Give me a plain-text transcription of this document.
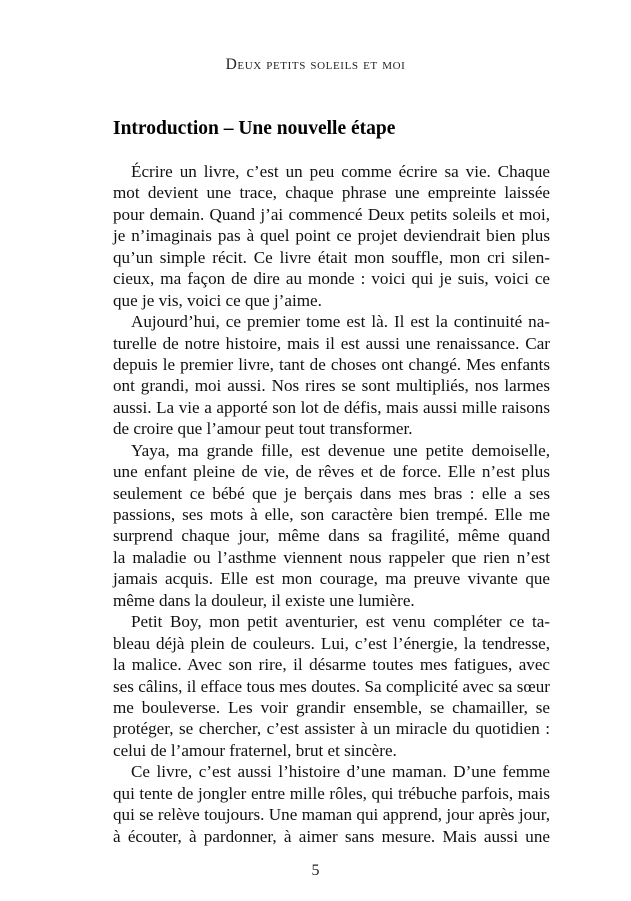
Deux petits soleils et moi
Introduction – Une nouvelle étape
Écrire un livre, c’est un peu comme écrire sa vie. Chaque
mot devient une trace, chaque phrase une empreinte laissée
pour demain. Quand j’ai commencé Deux petits soleils et moi,
je n’imaginais pas à quel point ce projet deviendrait bien plus
qu’un simple récit. Ce livre était mon souffle, mon cri silen-
cieux, ma façon de dire au monde : voici qui je suis, voici ce
que je vis, voici ce que j’aime.
Aujourd’hui, ce premier tome est là. Il est la continuité na-
turelle de notre histoire, mais il est aussi une renaissance. Car
depuis le premier livre, tant de choses ont changé. Mes enfants
ont grandi, moi aussi. Nos rires se sont multipliés, nos larmes
aussi. La vie a apporté son lot de défis, mais aussi mille raisons
de croire que l’amour peut tout transformer.
Yaya, ma grande fille, est devenue une petite demoiselle,
une enfant pleine de vie, de rêves et de force. Elle n’est plus
seulement ce bébé que je berçais dans mes bras : elle a ses
passions, ses mots à elle, son caractère bien trempé. Elle me
surprend chaque jour, même dans sa fragilité, même quand
la maladie ou l’asthme viennent nous rappeler que rien n’est
jamais acquis. Elle est mon courage, ma preuve vivante que
même dans la douleur, il existe une lumière.
Petit Boy, mon petit aventurier, est venu compléter ce ta-
bleau déjà plein de couleurs. Lui, c’est l’énergie, la tendresse,
la malice. Avec son rire, il désarme toutes mes fatigues, avec
ses câlins, il efface tous mes doutes. Sa complicité avec sa sœur
me bouleverse. Les voir grandir ensemble, se chamailler, se
protéger, se chercher, c’est assister à un miracle du quotidien :
celui de l’amour fraternel, brut et sincère.
Ce livre, c’est aussi l’histoire d’une maman. D’une femme
qui tente de jongler entre mille rôles, qui trébuche parfois, mais
qui se relève toujours. Une maman qui apprend, jour après jour,
à écouter, à pardonner, à aimer sans mesure. Mais aussi une
5
